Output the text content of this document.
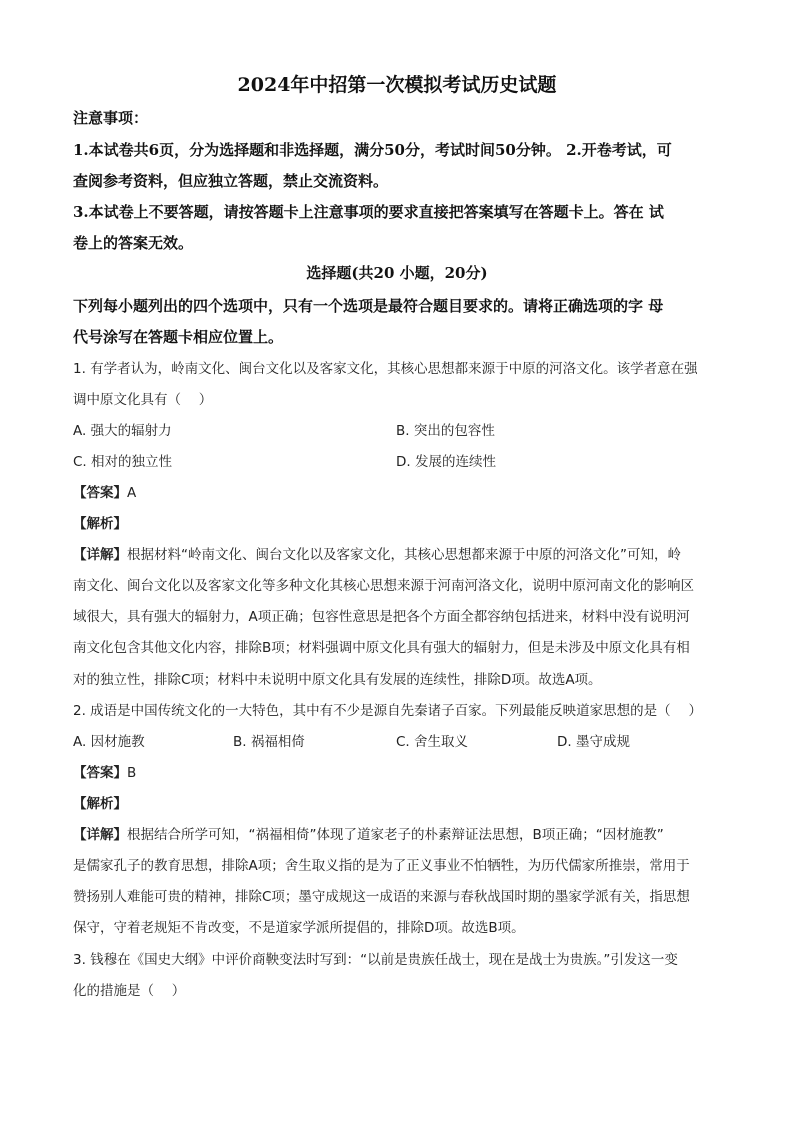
2024年中招第一次模拟考试历史试题
注意事项：
1.本试卷共6页，分为选择题和非选择题，满分50分，考试时间50分钟。 2.开卷考试，可
查阅参考资料，但应独立答题，禁止交流资料。
3.本试卷上不要答题，请按答题卡上注意事项的要求直接把答案填写在答题卡上。答在 试
卷上的答案无效。
选择题(共20 小题，20分)
下列每小题列出的四个选项中，只有一个选项是最符合题目要求的。请将正确选项的字 母
代号涂写在答题卡相应位置上。
1. 有学者认为，岭南文化、闽台文化以及客家文化，其核心思想都来源于中原的河洛文化。该学者意在强
调中原文化具有（　 ）
A. 强大的辐射力	B. 突出的包容性
C. 相对的独立性	D. 发展的连续性
【答案】A
【解析】
【详解】根据材料“岭南文化、闽台文化以及客家文化，其核心思想都来源于中原的河洛文化”可知，岭
南文化、闽台文化以及客家文化等多种文化其核心思想来源于河南河洛文化，说明中原河南文化的影响区
域很大，具有强大的辐射力，A项正确；包容性意思是把各个方面全都容纳包括进来，材料中没有说明河
南文化包含其他文化内容，排除B项；材料强调中原文化具有强大的辐射力，但是未涉及中原文化具有相
对的独立性，排除C项；材料中未说明中原文化具有发展的连续性，排除D项。故选A项。
2. 成语是中国传统文化的一大特色，其中有不少是源自先秦诸子百家。下列最能反映道家思想的是（　 ）
A. 因材施教	B. 祸福相倚	C. 舍生取义	D. 墨守成规
【答案】B
【解析】
【详解】根据结合所学可知，“祸福相倚”体现了道家老子的朴素辩证法思想，B项正确；“因材施教”
是儒家孔子的教育思想，排除A项；舍生取义指的是为了正义事业不怕牺牲，为历代儒家所推崇，常用于
赞扬别人难能可贵的精神，排除C项；墨守成规这一成语的来源与春秋战国时期的墨家学派有关，指思想
保守，守着老规矩不肯改变，不是道家学派所提倡的，排除D项。故选B项。
3. 钱穆在《国史大纲》中评价商鞅变法时写到：“以前是贵族任战士，现在是战士为贵族。”引发这一变
化的措施是（　 ）
